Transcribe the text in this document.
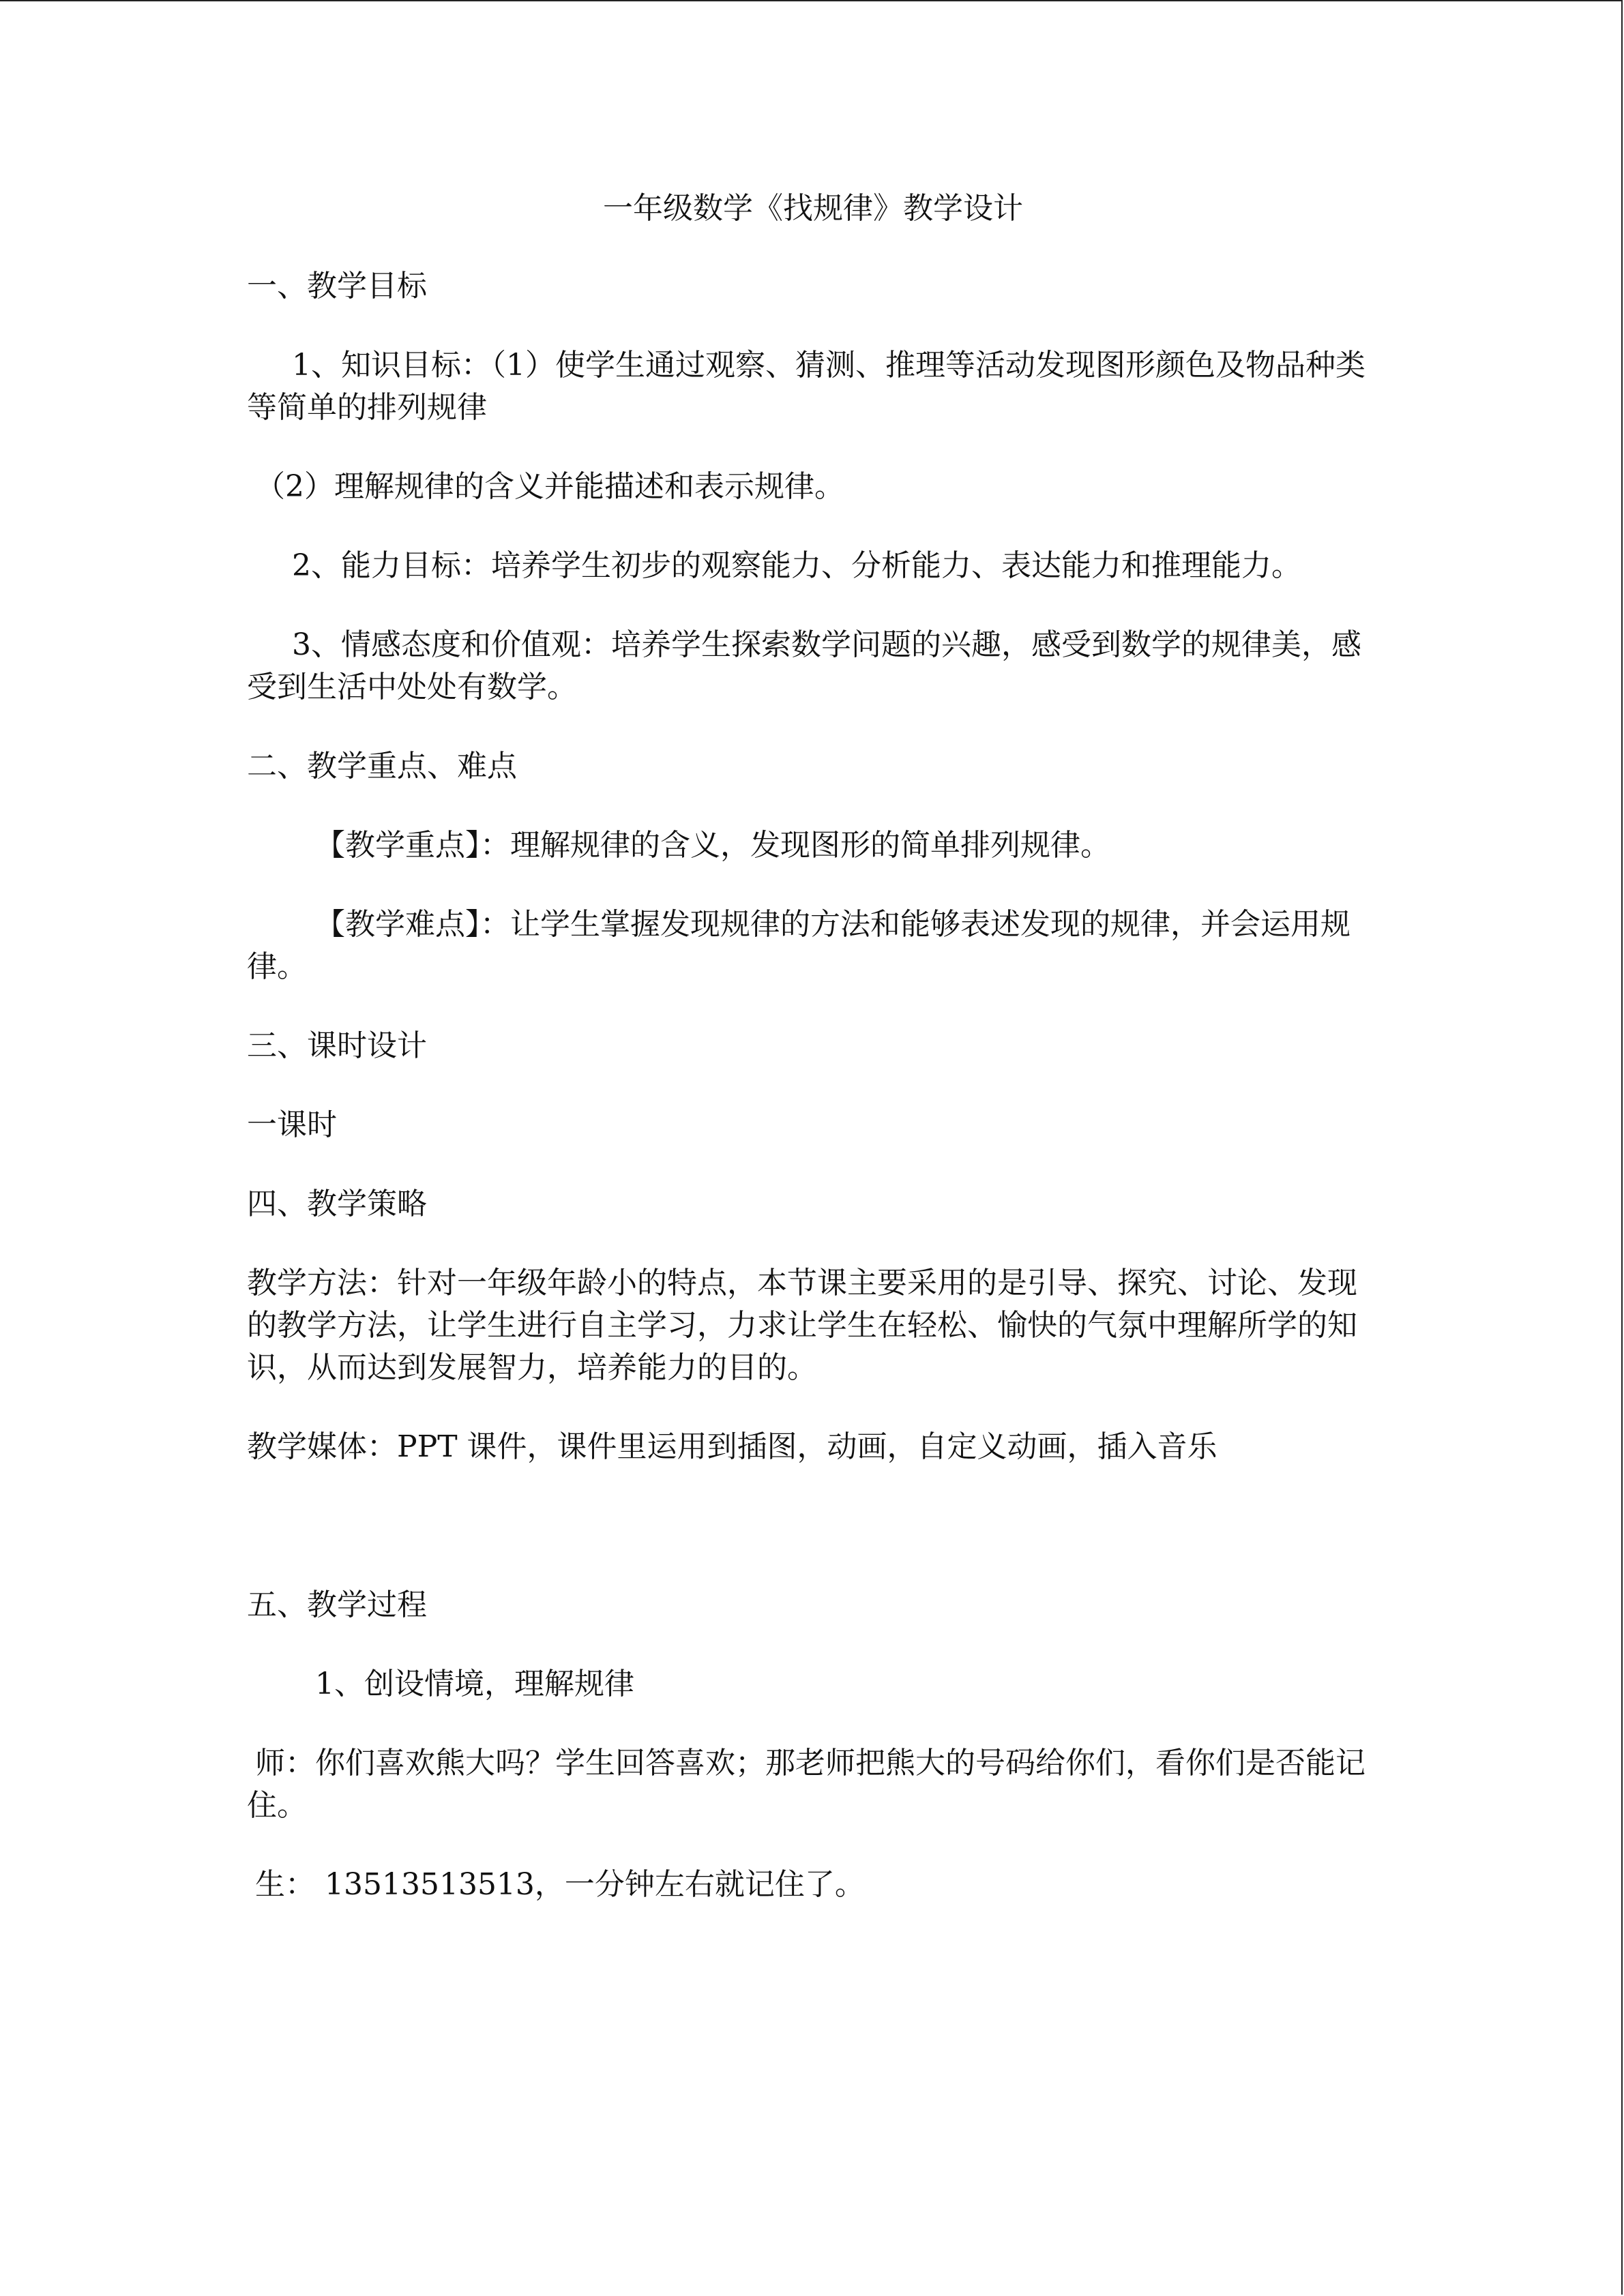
一年级数学《找规律》教学设计
一、教学目标
1、知识目标：（1）使学生通过观察、猜测、推理等活动发现图形颜色及物品种类等简单的排列规律
（2）理解规律的含义并能描述和表示规律。
2、能力目标：培养学生初步的观察能力、分析能力、表达能力和推理能力。
3、情感态度和价值观：培养学生探索数学问题的兴趣，感受到数学的规律美，感受到生活中处处有数学。
二、教学重点、难点
【教学重点】：理解规律的含义，发现图形的简单排列规律。
【教学难点】：让学生掌握发现规律的方法和能够表述发现的规律，并会运用规律。
三、课时设计
一课时
四、教学策略
教学方法：针对一年级年龄小的特点，本节课主要采用的是引导、探究、讨论、发现的教学方法，让学生进行自主学习，力求让学生在轻松、愉快的气氛中理解所学的知识，从而达到发展智力，培养能力的目的。
教学媒体：PPT 课件，课件里运用到插图，动画，自定义动画，插入音乐
五、教学过程
1、创设情境，理解规律
师：你们喜欢熊大吗？学生回答喜欢；那老师把熊大的号码给你们，看你们是否能记住。
生： 13513513513，一分钟左右就记住了。
